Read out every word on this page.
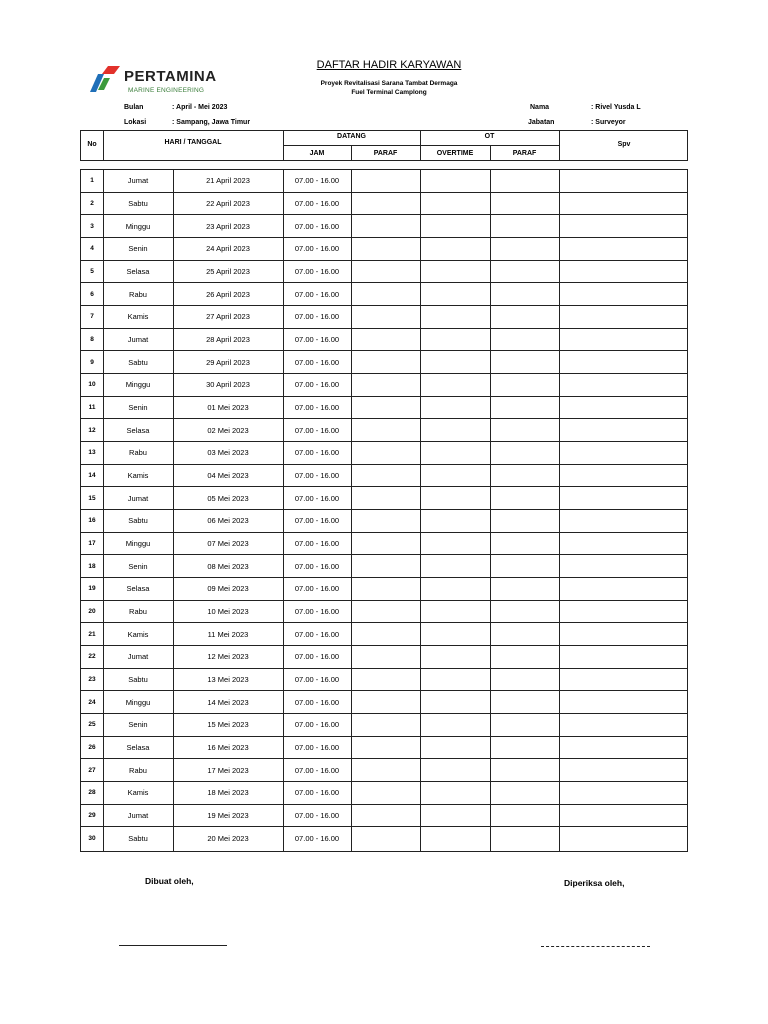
PERTAMINA
MARINE ENGINEERING
DAFTAR HADIR KARYAWAN
Proyek Revitalisasi Sarana Tambat Dermaga
Fuel Terminal Camplong
Bulan	: April - Mei 2023
Lokasi	: Sampang, Jawa Timur
Nama	: Rivel Yusda L
Jabatan	: Surveyor
No	HARI / TANGGAL
DATANG	OT
JAM	PARAF	OVERTIME	PARAF
Spv
1	Jumat	21 April 2023	07.00 - 16.00
2	Sabtu	22 April 2023	07.00 - 16.00
3	Minggu	23 April 2023	07.00 - 16.00
4	Senin	24 April 2023	07.00 - 16.00
5	Selasa	25 April 2023	07.00 - 16.00
6	Rabu	26 April 2023	07.00 - 16.00
7	Kamis	27 April 2023	07.00 - 16.00
8	Jumat	28 April 2023	07.00 - 16.00
9	Sabtu	29 April 2023	07.00 - 16.00
10	Minggu	30 April 2023	07.00 - 16.00
11	Senin	01 Mei 2023	07.00 - 16.00
12	Selasa	02 Mei 2023	07.00 - 16.00
13	Rabu	03 Mei 2023	07.00 - 16.00
14	Kamis	04 Mei 2023	07.00 - 16.00
15	Jumat	05 Mei 2023	07.00 - 16.00
16	Sabtu	06 Mei 2023	07.00 - 16.00
17	Minggu	07 Mei 2023	07.00 - 16.00
18	Senin	08 Mei 2023	07.00 - 16.00
19	Selasa	09 Mei 2023	07.00 - 16.00
20	Rabu	10 Mei 2023	07.00 - 16.00
21	Kamis	11 Mei 2023	07.00 - 16.00
22	Jumat	12 Mei 2023	07.00 - 16.00
23	Sabtu	13 Mei 2023	07.00 - 16.00
24	Minggu	14 Mei 2023	07.00 - 16.00
25	Senin	15 Mei 2023	07.00 - 16.00
26	Selasa	16 Mei 2023	07.00 - 16.00
27	Rabu	17 Mei 2023	07.00 - 16.00
28	Kamis	18 Mei 2023	07.00 - 16.00
29	Jumat	19 Mei 2023	07.00 - 16.00
30	Sabtu	20 Mei 2023	07.00 - 16.00
Dibuat oleh,	Diperiksa oleh,
